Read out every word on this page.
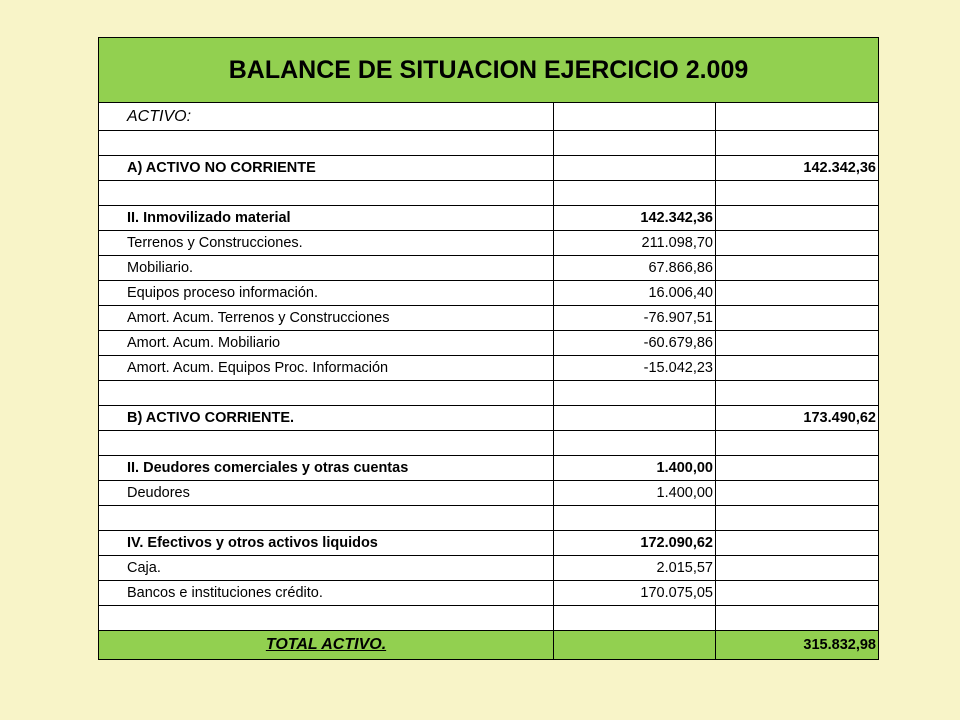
BALANCE DE SITUACION EJERCICIO 2.009		
ACTIVO:		

A) ACTIVO NO CORRIENTE		142.342,36

II. Inmovilizado material	142.342,36	
Terrenos y Construcciones.	211.098,70	
Mobiliario.	67.866,86	
Equipos proceso información.	16.006,40	
Amort. Acum. Terrenos y Construcciones	-76.907,51	
Amort. Acum. Mobiliario	-60.679,86	
Amort. Acum. Equipos Proc. Información	-15.042,23	

B) ACTIVO CORRIENTE.		173.490,62

II. Deudores comerciales y otras cuentas	1.400,00	
Deudores	1.400,00	

IV. Efectivos y otros activos liquidos	172.090,62	
Caja.	2.015,57	
Bancos e instituciones crédito.	170.075,05	

TOTAL ACTIVO.		315.832,98
